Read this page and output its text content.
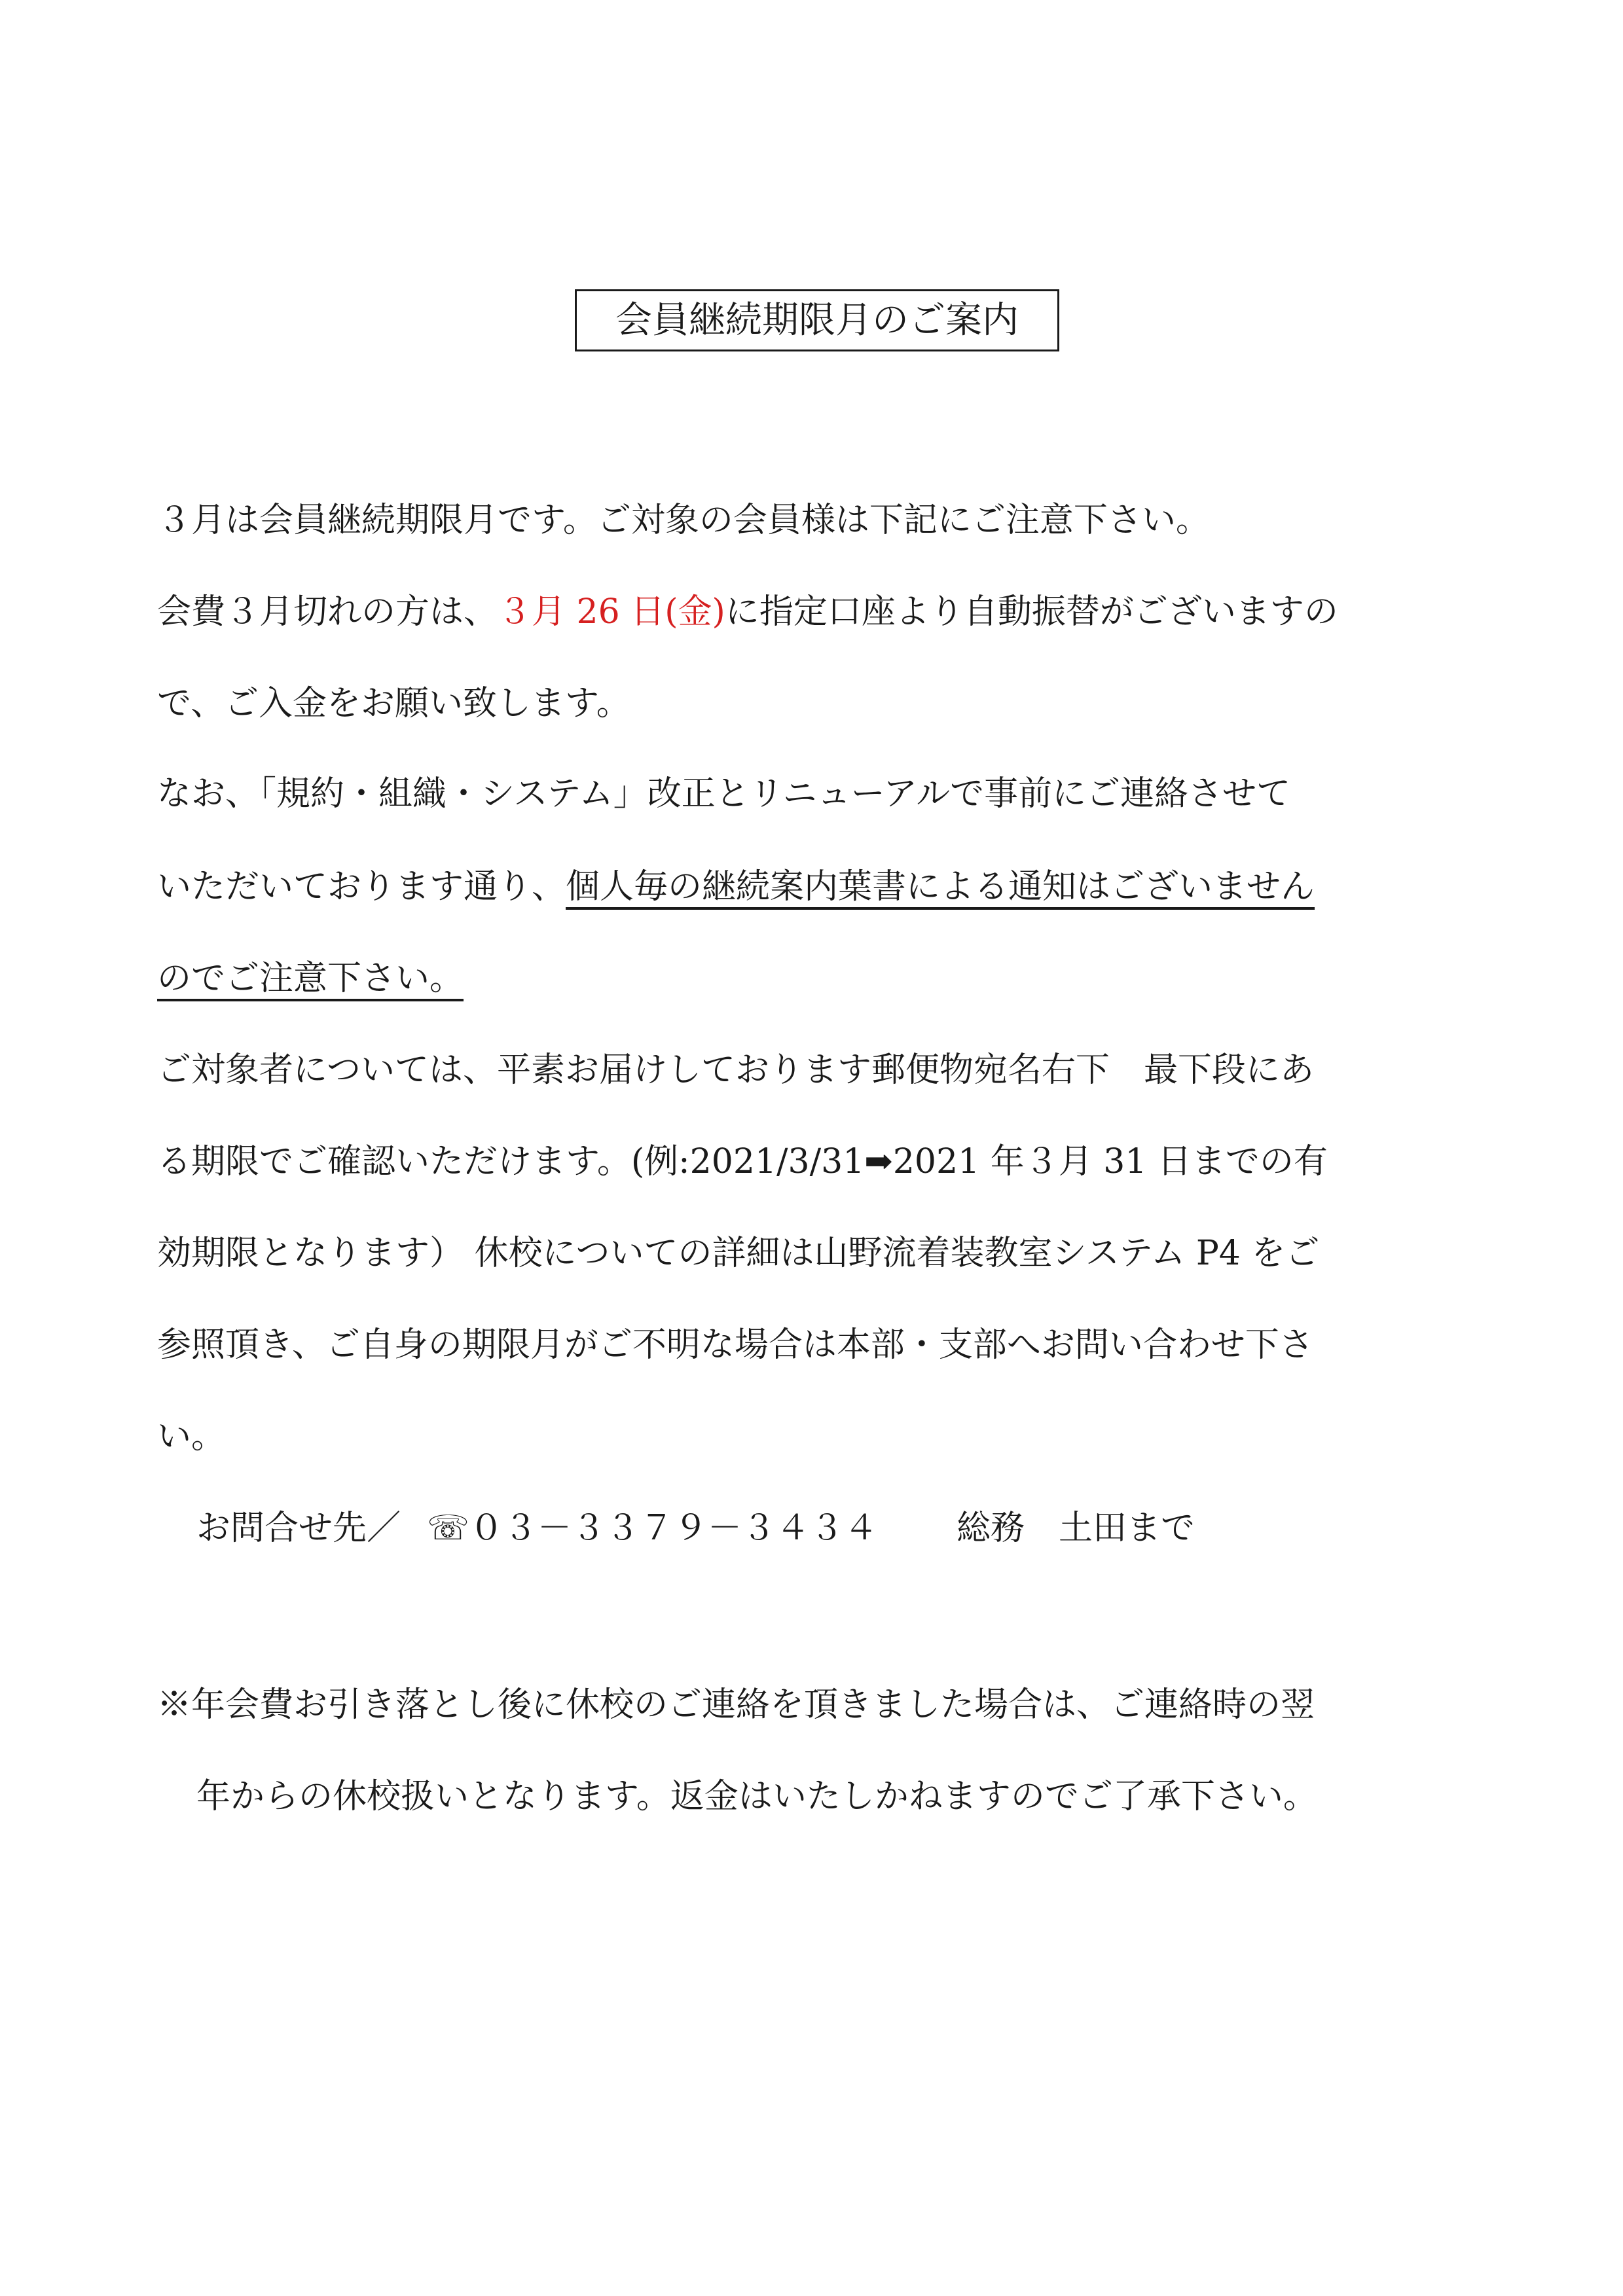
会員継続期限月のご案内
３月は会員継続期限月です。ご対象の会員様は下記にご注意下さい。
会費３月切れの方は、３月 26 日(金)に指定口座より自動振替がございますの
で、ご入金をお願い致します。
なお、「規約・組織・システム」改正とリニューアルで事前にご連絡させて
いただいております通り、個人毎の継続案内葉書による通知はございません
のでご注意下さい。
ご対象者については、平素お届けしております郵便物宛名右下　最下段にあ
る期限でご確認いただけます。(例:2021/3/31➡2021 年３月 31 日までの有
効期限となります） 休校についての詳細は山野流着装教室システム P4 をご
参照頂き、ご自身の期限月がご不明な場合は本部・支部へお問い合わせ下さ
い。
お問合せ先／ ☏０３－３３７９－３４３４ 総務　土田まで
※年会費お引き落とし後に休校のご連絡を頂きました場合は、ご連絡時の翌
年からの休校扱いとなります。返金はいたしかねますのでご了承下さい。
